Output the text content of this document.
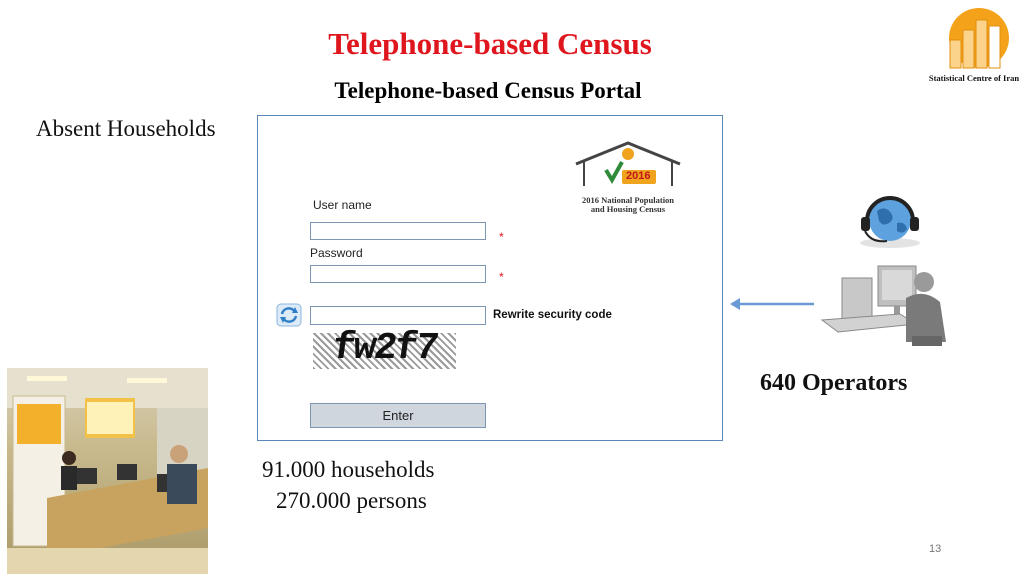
Telephone-based Census
Telephone-based Census Portal
Absent Households
Statistical Centre of Iran
2016
2016 National Population
and Housing Census
User name
*
Password
*
Rewrite security code
fw2f7
Enter
640 Operators
91.000 households
270.000 persons
13
